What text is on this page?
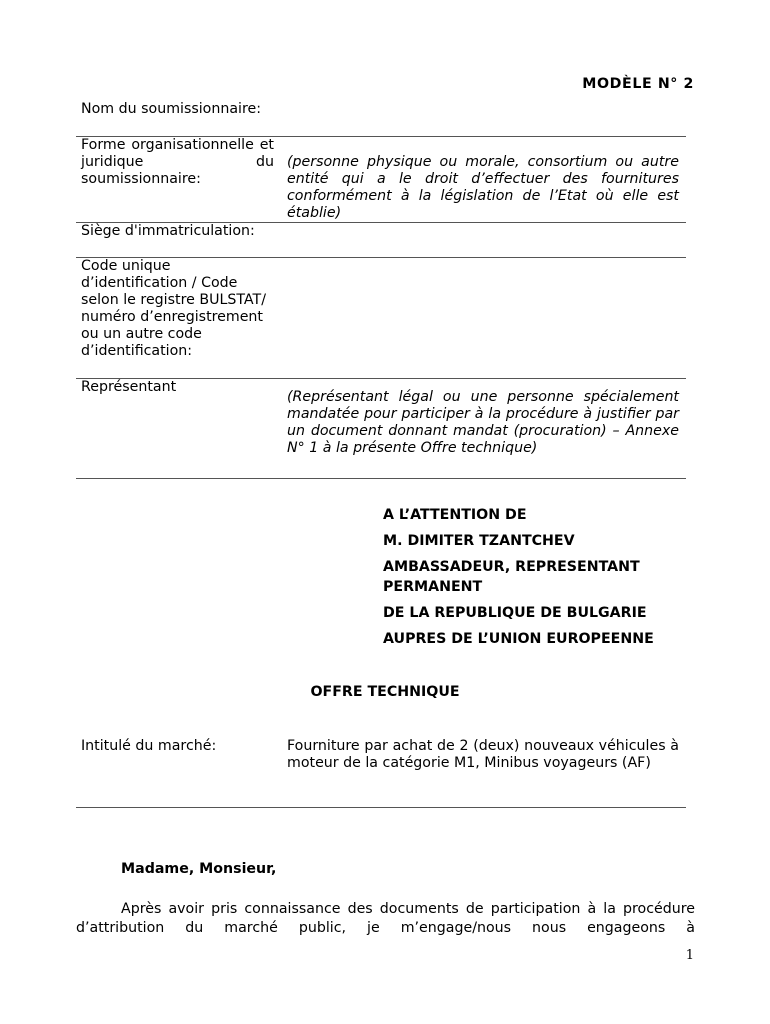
MODÈLE N° 2
Nom du soumissionnaire:
Forme organisationnelle et juridique du soumissionnaire:
(personne physique ou morale, consortium ou autre entité qui a le droit d’effectuer des fournitures conformément à la législation de l’Etat où elle est établie)
Siège d'immatriculation:
Code unique d’identification / Code selon le registre BULSTAT/ numéro d’enregistrement ou un autre code d’identification:
Représentant
(Représentant légal ou une personne spécialement mandatée pour participer à la procédure à justifier par un document donnant mandat (procuration) – Annexe N° 1 à la présente Offre technique)
A L’ATTENTION DE
M. DIMITER TZANTCHEV
AMBASSADEUR, REPRESENTANT PERMANENT
DE LA REPUBLIQUE DE BULGARIE
AUPRES DE L’UNION EUROPEENNE
OFFRE TECHNIQUE
Intitulé du marché:	Fourniture par achat de 2 (deux) nouveaux véhicules à moteur de la catégorie M1, Minibus voyageurs (AF)
Madame, Monsieur,
Après avoir pris connaissance des documents de participation à la procédure d’attribution du marché public, je m’engage/nous nous engageons à
1
